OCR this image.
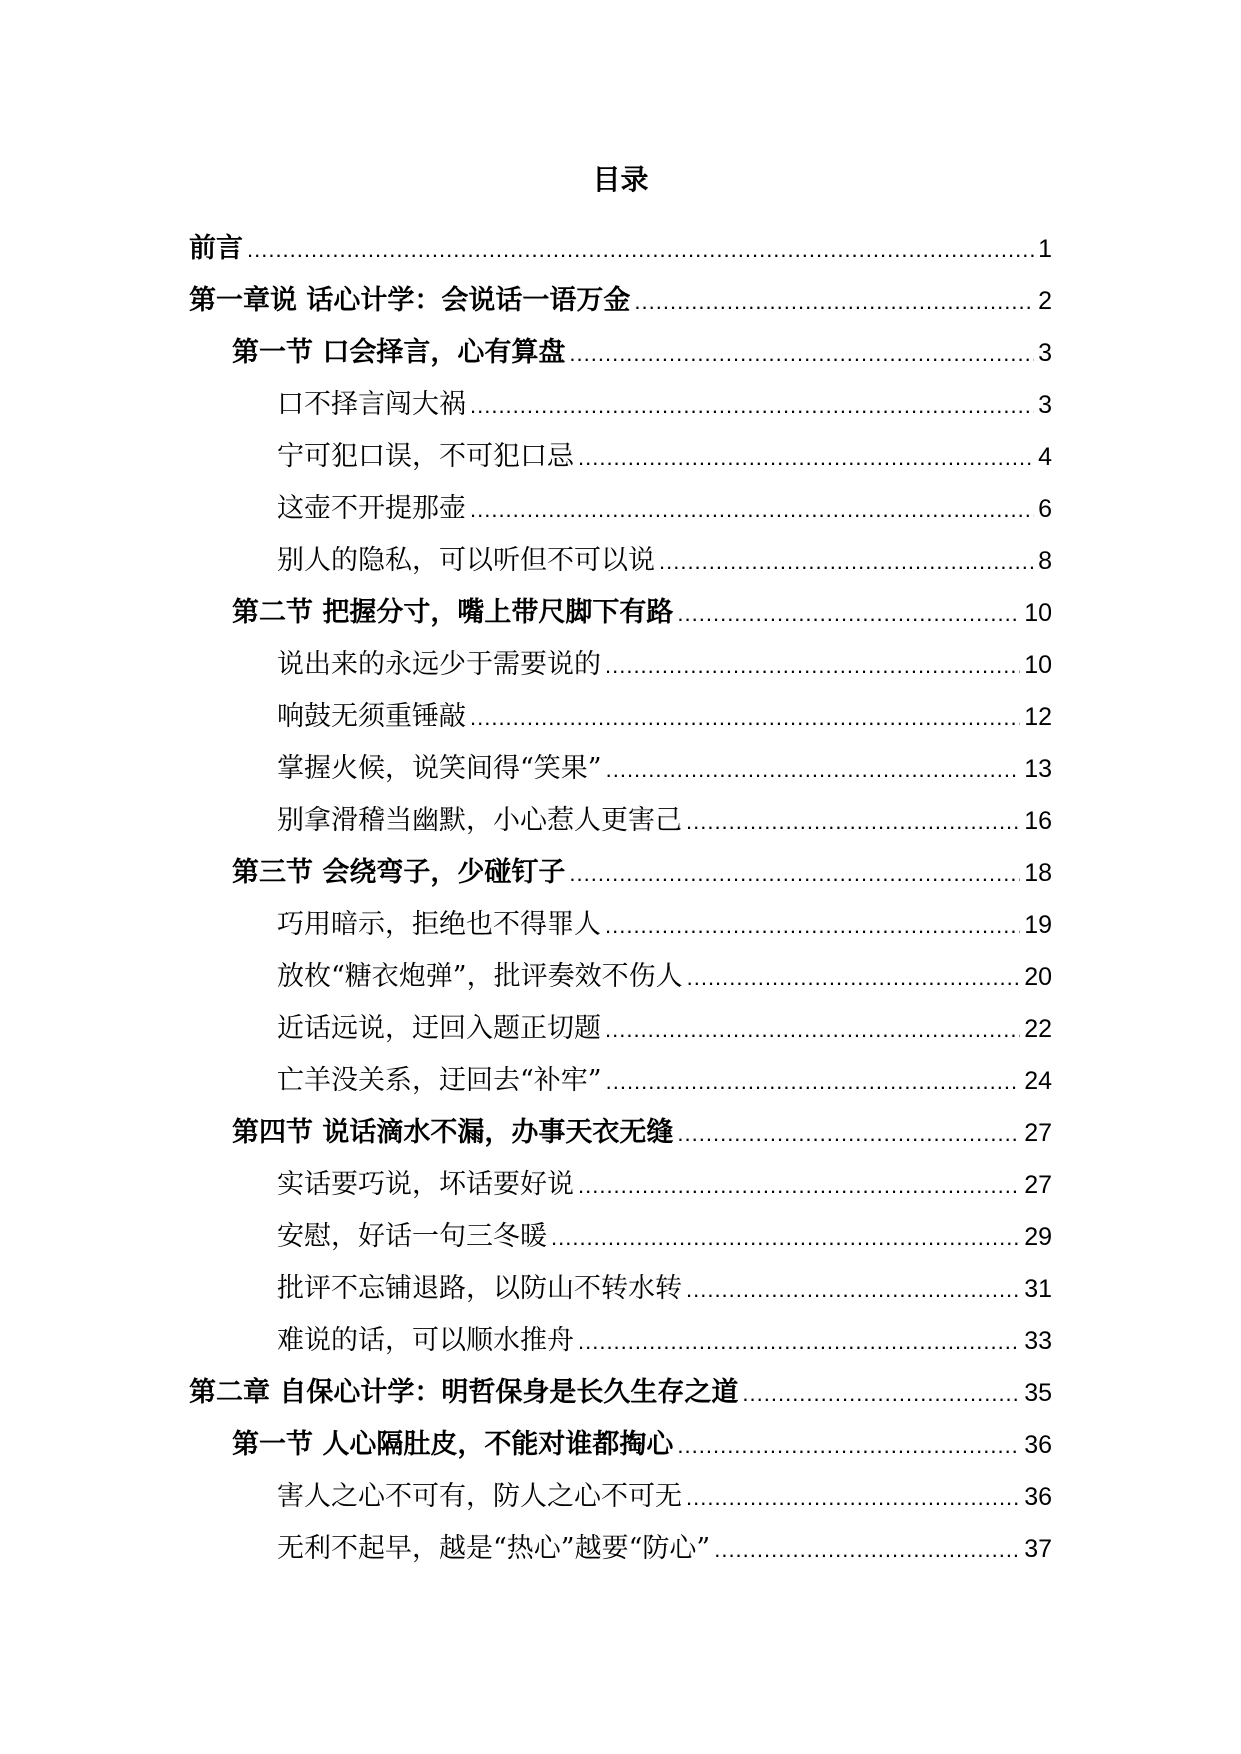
目录
前言 .....	1
第一章说 话心计学：会说话一语万金 .....	2
第一节 口会择言，心有算盘 .....	3
口不择言闯大祸 .....	3
宁可犯口误，不可犯口忌 .....	4
这壶不开提那壶 .....	6
别人的隐私，可以听但不可以说 .....	8
第二节 把握分寸，嘴上带尺脚下有路 .....	10
说出来的永远少于需要说的 .....	10
响鼓无须重锤敲 .....	12
掌握火候，说笑间得“笑果” .....	13
别拿滑稽当幽默，小心惹人更害己 .....	16
第三节 会绕弯子，少碰钉子 .....	18
巧用暗示，拒绝也不得罪人 .....	19
放枚“糖衣炮弹”，批评奏效不伤人 .....	20
近话远说，迂回入题正切题 .....	22
亡羊没关系，迂回去“补牢” .....	24
第四节 说话滴水不漏，办事天衣无缝 .....	27
实话要巧说，坏话要好说 .....	27
安慰，好话一句三冬暖 .....	29
批评不忘铺退路，以防山不转水转 .....	31
难说的话，可以顺水推舟 .....	33
第二章 自保心计学：明哲保身是长久生存之道 .....	35
第一节 人心隔肚皮，不能对谁都掏心 .....	36
害人之心不可有，防人之心不可无 .....	36
无利不起早，越是“热心”越要“防心” .....	37
